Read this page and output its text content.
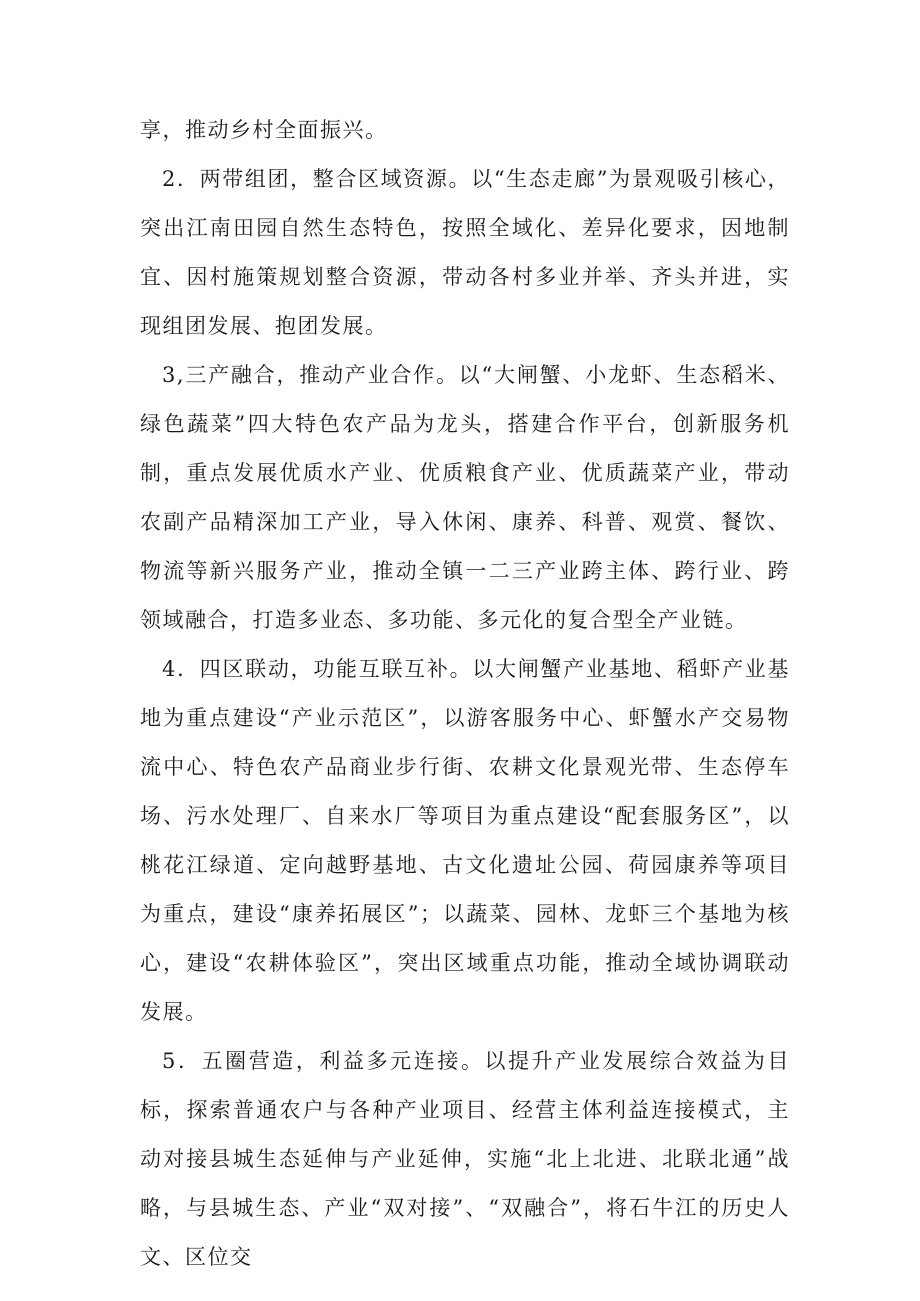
享，推动乡村全面振兴。

2．两带组团，整合区域资源。以“生态走廊”为景观吸引核心，突出江南田园自然生态特色，按照全域化、差异化要求，因地制宜、因村施策规划整合资源，带动各村多业并举、齐头并进，实现组团发展、抱团发展。

3,三产融合，推动产业合作。以“大闸蟹、小龙虾、生态稻米、绿色蔬菜”四大特色农产品为龙头，搭建合作平台，创新服务机制，重点发展优质水产业、优质粮食产业、优质蔬菜产业，带动农副产品精深加工产业，导入休闲、康养、科普、观赏、餐饮、物流等新兴服务产业，推动全镇一二三产业跨主体、跨行业、跨领域融合，打造多业态、多功能、多元化的复合型全产业链。

4．四区联动，功能互联互补。以大闸蟹产业基地、稻虾产业基地为重点建设“产业示范区”，以游客服务中心、虾蟹水产交易物流中心、特色农产品商业步行街、农耕文化景观光带、生态停车场、污水处理厂、自来水厂等项目为重点建设“配套服务区”，以桃花江绿道、定向越野基地、古文化遗址公园、荷园康养等项目为重点，建设“康养拓展区”；以蔬菜、园林、龙虾三个基地为核心，建设“农耕体验区”，突出区域重点功能，推动全域协调联动发展。

5．五圈营造，利益多元连接。以提升产业发展综合效益为目标，探索普通农户与各种产业项目、经营主体利益连接模式，主动对接县城生态延伸与产业延伸，实施“北上北进、北联北通”战略，与县城生态、产业“双对接”、“双融合”，将石牛江的历史人文、区位交
